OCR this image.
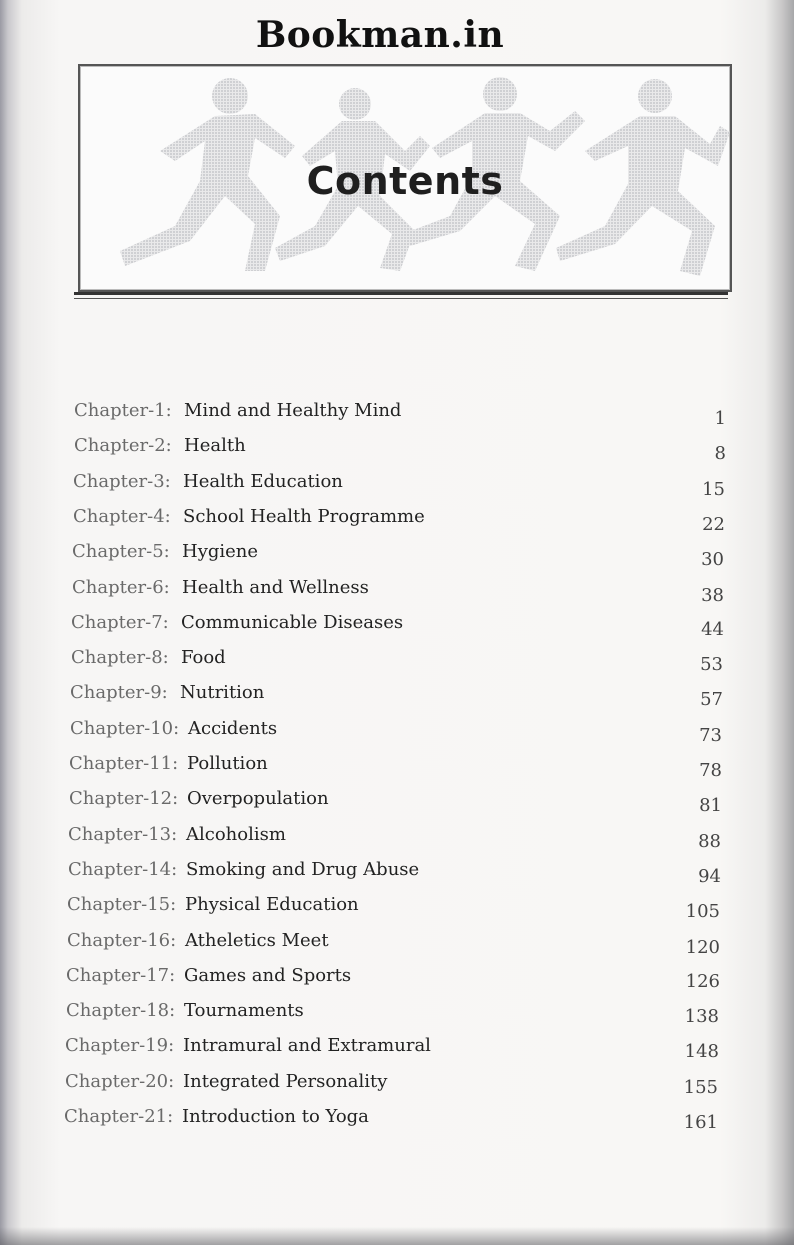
Bookman.in
Contents
Chapter-1: Mind and Healthy Mind	1
Chapter-2: Health	8
Chapter-3: Health Education	15
Chapter-4: School Health Programme	22
Chapter-5: Hygiene	30
Chapter-6: Health and Wellness	38
Chapter-7: Communicable Diseases	44
Chapter-8: Food	53
Chapter-9: Nutrition	57
Chapter-10: Accidents	73
Chapter-11: Pollution	78
Chapter-12: Overpopulation	81
Chapter-13: Alcoholism	88
Chapter-14: Smoking and Drug Abuse	94
Chapter-15: Physical Education	105
Chapter-16: Atheletics Meet	120
Chapter-17: Games and Sports	126
Chapter-18: Tournaments	138
Chapter-19: Intramural and Extramural	148
Chapter-20: Integrated Personality	155
Chapter-21: Introduction to Yoga	161
